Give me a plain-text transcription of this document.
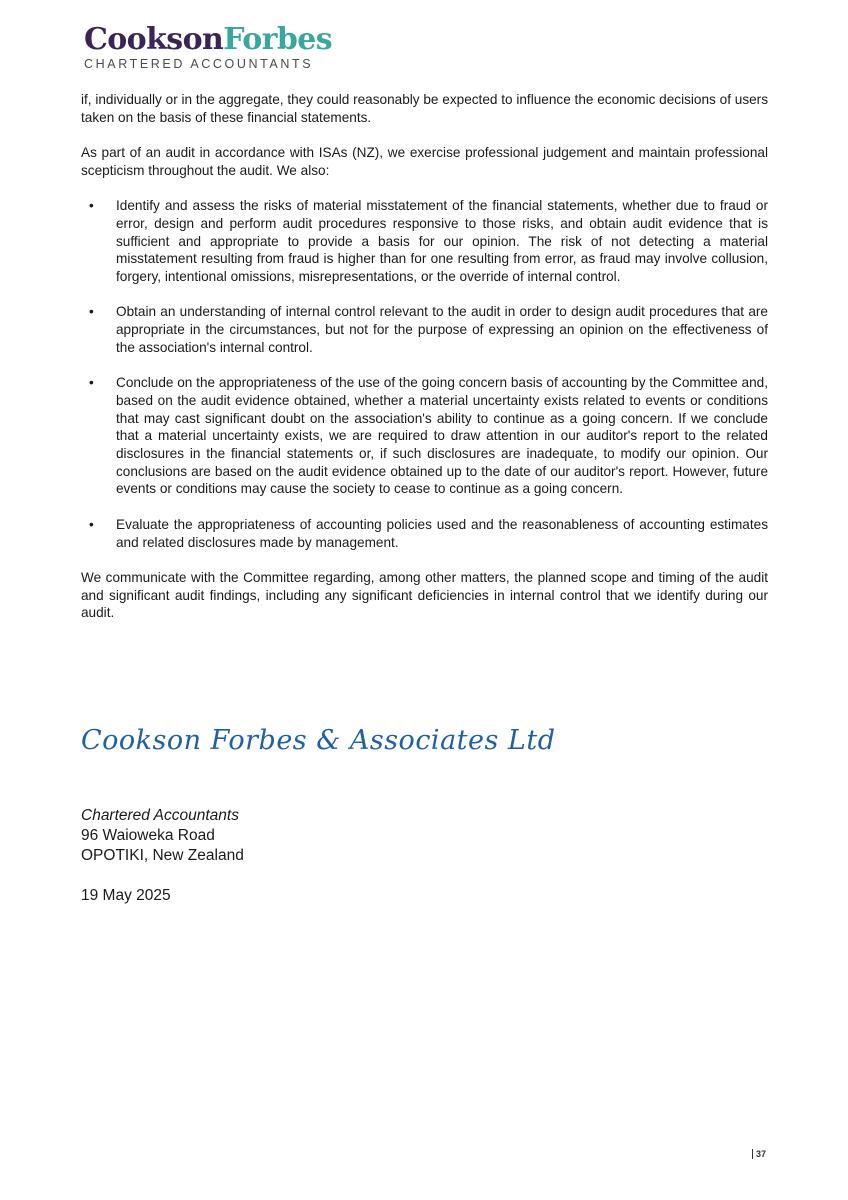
CooksonForbes
CHARTERED ACCOUNTANTS

if, individually or in the aggregate, they could reasonably be expected to influence the economic decisions of users taken on the basis of these financial statements.

As part of an audit in accordance with ISAs (NZ), we exercise professional judgement and maintain professional scepticism throughout the audit. We also:

• Identify and assess the risks of material misstatement of the financial statements, whether due to fraud or error, design and perform audit procedures responsive to those risks, and obtain audit evidence that is sufficient and appropriate to provide a basis for our opinion. The risk of not detecting a material misstatement resulting from fraud is higher than for one resulting from error, as fraud may involve collusion, forgery, intentional omissions, misrepresentations, or the override of internal control.
• Obtain an understanding of internal control relevant to the audit in order to design audit procedures that are appropriate in the circumstances, but not for the purpose of expressing an opinion on the effectiveness of the association's internal control.
• Conclude on the appropriateness of the use of the going concern basis of accounting by the Committee and, based on the audit evidence obtained, whether a material uncertainty exists related to events or conditions that may cast significant doubt on the association's ability to continue as a going concern. If we conclude that a material uncertainty exists, we are required to draw attention in our auditor's report to the related disclosures in the financial statements or, if such disclosures are inadequate, to modify our opinion. Our conclusions are based on the audit evidence obtained up to the date of our auditor's report. However, future events or conditions may cause the society to cease to continue as a going concern.
• Evaluate the appropriateness of accounting policies used and the reasonableness of accounting estimates and related disclosures made by management.

We communicate with the Committee regarding, among other matters, the planned scope and timing of the audit and significant audit findings, including any significant deficiencies in internal control that we identify during our audit.

Cookson Forbes & Associates Ltd
Chartered Accountants
96 Waioweka Road
OPOTIKI, New Zealand
19 May 2025
37
